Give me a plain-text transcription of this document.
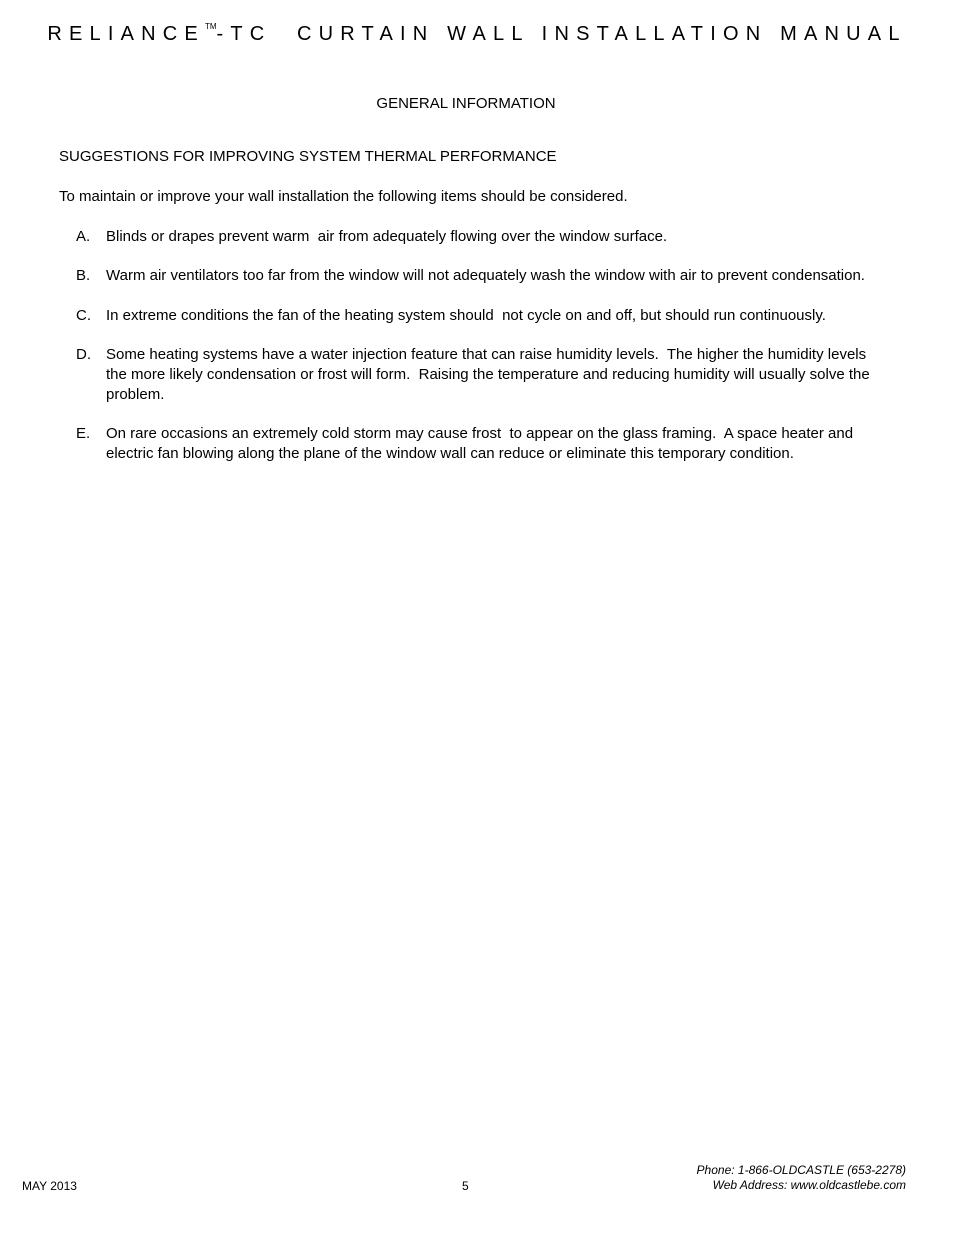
RELIANCE™-TC  CURTAIN WALL INSTALLATION MANUAL
GENERAL INFORMATION
SUGGESTIONS FOR IMPROVING SYSTEM THERMAL PERFORMANCE
To maintain or improve your wall installation the following items should be considered.
A.	Blinds or drapes prevent warm  air from adequately flowing over the window surface.
B.	Warm air ventilators too far from the window will not adequately wash the window with air to prevent condensation.
C.	In extreme conditions the fan of the heating system should  not cycle on and off, but should run continuously.
D.	Some heating systems have a water injection feature that can raise humidity levels.  The higher the humidity levels the more likely condensation or frost will form.  Raising the temperature and reducing humidity will usually solve the problem.
E.	On rare occasions an extremely cold storm may cause frost  to appear on the glass framing.  A space heater and electric fan blowing along the plane of the window wall can reduce or eliminate this temporary condition.
MAY 2013	5
Phone: 1-866-OLDCASTLE (653-2278)
Web Address: www.oldcastlebe.com
